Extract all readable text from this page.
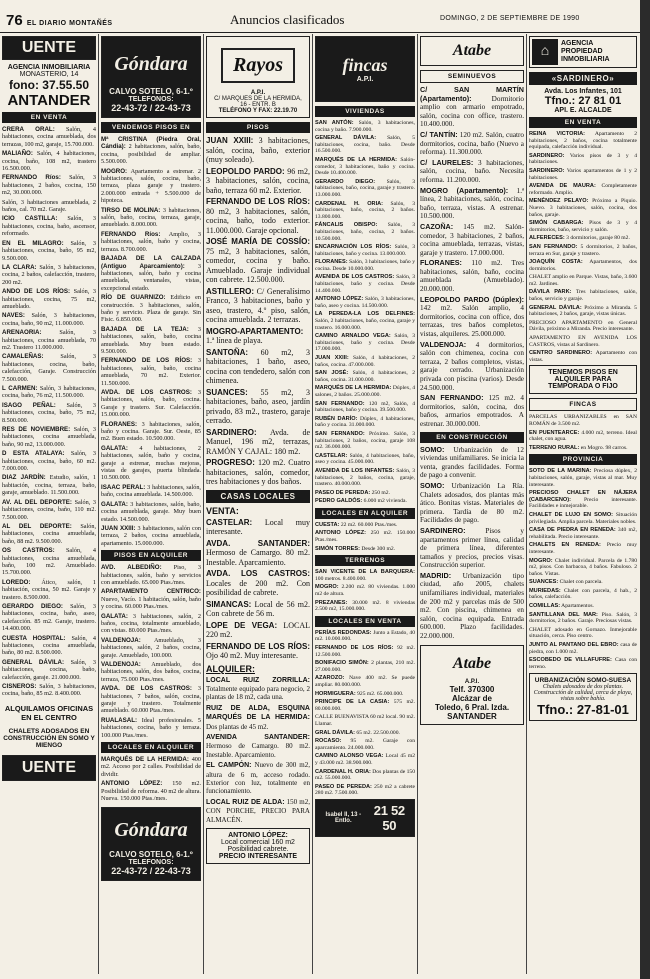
76 EL DIARIO MONTAÑÉS	Anuncios clasificados	DOMINGO, 2 DE SEPTIEMBRE DE 1990
UENTE
AGENCIA INMOBILIARIA
MONASTERIO, 14
fono: 37.55.50
ANTANDER
EN VENTA

CRERA ORAL: Salón, 4 habitaciones, cocina amueblada, dos terrazas, 100 m2, garaje, 15.700.000.

MALIAÑO: Salón, 4 habitaciones, cocina, baño, 108 m2, trastero 16.500.000.

FERNANDO Ríos: Salón, 3 habitaciones, 2 baños, cocina, 150 m2, 30.000.000.

Salón, 3 habitaciones amueblada, 2 baños, cal. 70 m2. Garaje.

ICIO CASTILLA: Salón, 3 habitaciones, cocina, baño, ascensor, reformado.

EN EL MILAGRO: Salón, 3 habitaciones, cocina, baño, 95 m2, 9.500.000.

LA CLARA: Salón, 3 habitaciones, cocina, 2 baños, calefacción, trastero, 200 m2.

ANDO DE LOS RÍOS: Salón, 3 habitaciones, cocina, 75 m2, amueblado.

NAVES: Salón, 3 habitaciones, cocina, baño, 90 m2, 11.000.000.

ARENAORIA: Salón, 3 habitaciones, cocina amueblada, 70 m2. Trastero 11.000.000.

CAMALEÑAS: Salón, 3 habitaciones, cocina, baño, calefacción, Garaje. Construcción 7.500.000.

L CARMEN: Salón, 3 habitaciones, cocina, baño, 76 m2, 11.500.000.

ISAGO PEÑAL: Salón, 3 habitaciones, cocina, baño, 75 m2, 8.500.000.

RES DE NOVIEMBRE: Salón, 3 habitaciones, cocina amueblada, baño, 90 m2, 13.000.000.

D ESTA ATALAYA: Salón, 3 habitaciones, cocina, baño, 60 m2. 7.000.000.

DIAZ JARDÍN: Estudio, salón, 1 habitación, cocina, terraza, baño, garaje, amueblado. 11.500.000.

AV. AL DEL DEPORTE: Salón, 3 habitaciones, cocina, baño, 110 m2. 7.500.000.

AL DEL DEPORTE: Salón, habitaciones, cocina amueblada, baño, 88 m2. 9.500.000.

OS CASTROS: Salón, 4 habitaciones, cocina amueblada, baño, 100 m2. Amueblado. 15.700.000.

LOREDO: Ático, salón, 1 habitación, cocina, 50 m2. Garaje y trastero. 8.500.000.

GERARDO DIEGO: Salón, 3 habitaciones, cocina, baño, aseo, calefacción. 85 m2. Garaje, trastero. 14.400.000.

CUESTA HOSPITAL: Salón, 4 habitaciones, cocina amueblada, baño, 80 m2. 8.500.000.

GENERAL DÁVILA: Salón, 3 habitaciones, cocina, baño, calefacción, garaje. 21.000.000.

CISNEROS: Salón, 3 habitaciones, cocina, baño, 85 m2. 8.400.000.

ALQUILAMOS OFICINAS EN EL CENTRO
CHALETS ADOSADOS EN CONSTRUCCIÓN EN SOMO Y MIENGO
UENTE
Góndara
CALVO SOTELO, 6-1.º
TELEFONOS:
22-43-72 / 22-43-73
VENDEMOS PISOS EN

Mª CRISTINA (Piedra Oral, Cándia): 2 habitaciones, salón, baño, cocina, posibilidad de ampliar. 5.500.000.

MOGRO: Apartamento a estrenar. 2 habitaciones, salón, cocina, baño, terraza, plaza garaje y trastero. 2.000.000 entrada + 5.500.000 de hipoteca.

TIRSO DE MOLINA: 3 habitaciones, salón, baño, cocina, terraza, garaje, amueblado. 8.000.000.

FERNANDO Ríos: Amplio, 3 habitaciones, salón, baño y cocina, terraza. 8.700.000.

BAJADA DE LA CALZADA (Antiguo Aparcamiento): 3 habitaciones, salón, baño y cocina amueblada, ventanales, vistas, excepcional estado.

RÍO DE GUARNIZO: Edificio en construcción. 3 habitaciones, salón, baño y servicio. Plaza de garaje. Sin Fisic. 6.850.000.

BAJADA DE LA TEJA: 3 habitaciones, salón, baño, cocina amueblada. Muy buen estado. 9.500.000.

FERNANDO DE LOS RÍOS: 3 habitaciones, salón, baño, cocina amueblada, 70 m2. Exterior. 11.500.000.

AVDA. DE LOS CASTROS: 3 habitaciones, salón, baño, cocina. Garaje y trastero. Sur. Calefacción. 15.000.000.

FLORANES: 3 habitaciones, salón, baño y cocina. Garaje. Sur. Oeste, 85 m2. Buen estado. 10.500.000.

GALATA: 4 habitaciones, 2 habitaciones, salón, baño y cocina, garaje a estrenar, muchas mejoras, vistas de garajes, puerta blindada. 10.500.000.

ISAAC PERAL: 3 habitaciones, salón, baño, cocina amueblada. 14.500.000.

GALATA: 3 habitaciones, salón, baño, cocina amueblada, garaje. Muy buen estado. 14.500.000.

JUAN XXIII: 3 habitaciones, salón con terraza, 2 baños, cocina amueblada, apartamento. 15.000.000.

PISOS EN ALQUILER

AVD. ALBEDIÑO: Piso, 3 habitaciones, salón, baño y servicios con amueblado. 65.000 Ptas./mes.

APARTAMENTO CENTRICO: Nuevo, Vacío. 1 habitación, salón, baño y cocina. 60.000 Ptas./mes.

GALATA: 3 habitaciones, salón, 2 baños, cocina, totalmente amueblado, con vistas. 80.000 Ptas./mes.

VALDENOJA: Amueblado, 3 habitaciones, salón, 2 baños, cocina, garaje. Amueblado, 100.000.

VALDENOJA: Amueblado, dos habitaciones, salón, dos baños, cocina, terraza, 75.000 Ptas./mes.

AVDA. DE LOS CASTROS: 3 habitaciones, 7 baños, salón, cocina, garaje y trastero. Totalmente amueblado. 60.000 Ptas./mes.

RUALASAL: Ideal profesionales. 5 habitaciones, cocina, baño y terraza. 100.000 Ptas./mes.

LOCALES EN ALQUILER

MARQUÉS DE LA HERMIDA: 400 m2. Acceso por 2 calles. Posibilidad de dividir.

ANTONIO LÓPEZ: 150 m2. Posibilidad de reforma. 40 m2 de altura. Nueva. 150.000 Ptas./mes.

Góndara
CALVO SOTELO, 6-1.º
TELEFONOS:
22-43-72 / 22-43-73
Rayos
A.P.I.
C/ MARQUES DE LA HERMIDA,
16 - ENTR. B
TELÉFONO Y FAX: 22.19.70
PISOS

JUAN XXIII: 3 habitaciones, salón, cocina, baño, exterior (muy soleado).

LEOPOLDO PARDO: 96 m2, 3 habitaciones, salón, cocina, baño, terraza 60 m2. Exterior.

FERNANDO DE LOS RÍOS: 80 m2, 3 habitaciones, salón, cocina, baño, todo exterior. 11.000.000. Garaje opcional.

JOSÉ MARÍA DE COSSÍO: 75 m2, 3 habitaciones, salón, comedor, cocina y baño. Amueblado. Garaje individual con cabrete. 12.500.000.

ASTILLERO: C/ Generalísimo Franco, 3 habitaciones, baño y aseo, trastero, 4.º piso, salón, cocina amueblada. 2 terrazas.

MOGRO-APARTAMENTO: 1.ª línea de playa.

SANTOÑA: 60 m2, 3 habitaciones, 1 baño, aseo, cocina con tendedero, salón con chimenea.

SUANCES: 55 m2, 3 habitaciones, baño, aseo, jardín privado, 83 m2., trastero, garaje cerrado.

SARDINERO: Avda. de Manuel, 196 m2, terrazas, RAMÓN Y CAJAL: 180 m2.

PROGRESO: 120 m2. Cuatro habitaciones, salón, comedor, tres habitaciones y dos baños.

CASAS LOCALES
VENTA:

CASTELAR: Local muy interesante.

AVDA. SANTANDER: Hermoso de Camargo. 80 m2. Inestable. Aparcamiento.

AVDA. LOS CASTROS: Locales de 200 m2. Con posibilidad de cabrete.

SIMANCAS: Local de 56 m2. Con cabrete de 56 m.

LOPE DE VEGA: LOCAL 220 m2.

FERNANDO DE LOS RÍOS: Ojo 40 m2. Muy interesante.

ALQUILER:

LOCAL RUIZ ZORRILLA: Totalmente equipado para negocio, 2 plantas de 18 m2, cada una.

RUIZ DE ALDA, ESQUINA MARQUÉS DE LA HERMIDA: Dos plantas de 45 m2.

AVENIDA SANTANDER: Hermoso de Camargo. 80 m2. Inestable. Aparcamiento.

EL CAMPÓN: Nuevo de 300 m2, altura de 6 m, acceso rodado. Exterior con luz, totalmente en funcionamiento.

LOCAL RUIZ DE ALDA: 150 m2, CON PORCHE, PRECIO PARA ALMACÉN.

ANTONIO LÓPEZ:
Local comercial 160 m2
Posibilidad cabrete.
PRECIO INTERESANTE
fincas
A.P.I.
VIVIENDAS

SAN ANTÓN: Salón, 3 habitaciones, cocina y baño. 7.900.000.

GENERAL DÁVILA: Salón, 5 habitaciones, cocina, baño. Desde 16.500.000.

MARQUÉS DE LA HERMIDA: Salón-comedor, 3 habitaciones, baño y cocina. Desde 10.400.000.

GERARDO DIEGO: Salón, 3 habitaciones, baño, cocina, garaje y trastero. 13.000.000.

CARDENAL H. ORIA: Salón, 3 habitaciones, baño, cocina, 2 baños. 13.800.000.

FÁNCALIS OBISPO: Salón, 3 habitaciones, baño, cocina, 2 baños. 10.500.000.

ENCARNACIÓN LOS RÍOS: Salón, 3 habitaciones, baño y cocina. 13.000.000.

FLORANES: Salón, 3 habitaciones, baño y cocina. Desde 10.000.000.

AVENIDA DE LOS CASTROS: Salón, 3 habitaciones, baño y cocina. Desde 14.400.000.

ANTONIO LÓPEZ: Salón, 3 habitaciones, baño, aseo y cocina. 14.500.000.

LA PEREDA-LA LOS DELFINES: Salón, 2 habitaciones, baño, cocina, garaje y trastero. 16.000.000.

CAMINO ARNALDO VEGA: Salón, 3 habitaciones, baño y cocina. Desde 17.000.000.

JUAN XXIII: Salón, 4 habitaciones, 2 baños, cocina. 47.000.000.

SAN JOSÉ: Salón, 4 habitaciones, 2 baños, cocina. 31.000.000.

MARQUÉS DE LA HERMIDA: Dúplex, 4 salones, 2 baños. 25.000.000.

SAN FERNANDO: 120 m2, Salón, 4 habitaciones, baño y cocina. 39.500.000.

RUBÉN DARÍO: Dúplex, 4 habitaciones, baño y cocina. 31.000.000.

SAN FERNANDO: Próximo. Salón, 3 habitaciones, 2 baños, cocina, garaje 108 m2. 36.000.000.

CASTELAR: Salón, 4 habitaciones, baño, aseo y cocina. 45.000.000.

AVENIDA DE LOS INFANTES: Salón, 3 habitaciones, 2 baños, cocina, garaje, trastero. 40.000.000.

PASEO DE PEREDA: 250 m2.

PEDRO GALDÓS: 6.000 m2 vivienda.

LOCALES EN ALQUILER

CUESTA: 22 m2. 60.000 Ptas./mes.

ANTONIO LÓPEZ: 250 m2. 150.000 Ptas./mes.

SIMÓN TORRES: Desde 300 m2.

TERRENOS

SAN VICENTE DE LA BARQUERA: 100 metros. 8.400.000.

MOGRO: 2.200 m2. 80 viviendas. 1.000 m2 de altura.

PREZANES: 30.000 m2. 8 viviendas 2.500 m2, 15.000.000.

LOCALES EN VENTA

PERÍAS REDONDAS: Junto a Estado, 40 m2. 10.000.000.

FERNANDO DE LOS RÍOS: 92 m2. 12.500.000.

BONIFACIO SIMÓN: 2 plantas, 210 m2. 27.000.000.

AZAROZO: Nave 400 m2. Se puede ampliar. 80.000.000.

HORMIGUERA: 925 m2. 65.000.000.

PRINCIPE DE LA CASIA: 575 m2. 80.000.000.

CALLE BUENAVISTA 60 m2 local. 90 m2. Llamar.

GRAL DÁVILA: 65 m2. 22.500.000.

ROCASO: 95 m2. Garaje con aparcamiento. 24.000.000.

CAMINO ALONSO VEGA: Local 45 m2 y 43.000 m2. 38.900.000.

CARDENAL H. ORIA: Dos plantas de 150 m2. 55.000.000.

PASEO DE PEREDA: 250 m2 a cabrete 280 m2. 7.500.000.

Isabel II, 13 - Entlo.
21 52 50
Atabe
SEMINUEVOS

C/ SAN MARTÍN (Apartamento): Dormitorio amplio con armario empotrado, salón, cocina con office, trastero. 10.400.000.

C/ TANTÍN: 120 m2. Salón, cuatro dormitorios, cocina, baño (Nuevo a reforma). 11.300.000.

C/ LAURELES: 3 habitaciones, salón, cocina, baño. Necesita reforma. 11.200.000.

MOGRO (Apartamento): 1.ª línea, 2 habitaciones, salón, cocina, baño, terraza, vistas. A estrenar. 10.500.000.

CAZOÑA: 145 m2. Salón-comedor, 3 habitaciones, 2 baños, cocina amueblada, terrazas, vistas, garaje y trastero. 17.000.000.

FLORANES: 110 m2. Tres habitaciones, salón, baño, cocina amueblada (Amueblado). 20.000.000.

LEOPOLDO PARDO (Dúplex): 142 m2. Salón amplio, 4 dormitorios, cocina con office, dos terrazas, tres baños completos, vistas, alquileres. 25.000.000.

VALDENOJA: 4 dormitorios, salón con chimenea, cocina con terraza, 2 baños completos, vistas, garaje cerrado. Urbanización privada con piscina (varios). Desde 24.500.000.

SAN FERNANDO: 125 m2. 4 dormitorios, salón, cocina, dos baños, armarios empotrados. A estrenar. 30.000.000.

EN CONSTRUCCIÓN

SOMO: Urbanización de 12 viviendas unifamiliares. Se inicia la venta, grandes facilidades. Forma de pago a convenir.

SOMO: Urbanización La Ría. Chalets adosados, dos plantas más ático. Bonitas vistas. Materiales de primera. Tardía de 80 m2. Facilidades de pago.

SARDINERO: Pisos y apartamentos primer línea, calidad de primera línea, diferentes tamaños y precios, precios visas. Construcción superior.

MADRID: Urbanización tipo ciudad, año 2005, chalets unifamiliares individual, materiales de 200 m2 y parcelas más de 500 m2. Con piscina, chimenea en salón, cocina equipada. Entrada 600.000. Plazo facilidades. 22.000.000.

Atabe
A.P.I.
Telf. 370300
Alcázar de
Toledo, 6 Pral. Izda.
SANTANDER
⌂
AGENCIA
PROPIEDAD
INMOBILIARIA
«SARDINERO»
Avda. Los Infantes, 101
Tfno.: 27 81 01
API. E. ALCALDE
EN VENTA

REINA VICTORIA: Apartamento 2 habitaciones, 2 baños, cocina totalmente equipada, calefacción individual.

SARDINERO: Varios pisos de 3 y 4 habitaciones.

SARDINERO: Varios apartamentos de 1 y 2 habitaciones.

AVENIDA DE MAURA: Completamente reformado. Amplio.

MENÉNDEZ PELAYO: Próximo a Piquio. Nuevo. 3 habitaciones, salón, cocina, dos baños, garaje.

SIMÓN CABARGA: Pisos de 3 y 4 dormitorios, baño, servicio y salón.

ALFERECES: 3 dormitorios, garaje 80 m2.

SAN FERNANDO: 5 dormitorios, 2 baños, terraza en Sur, garaje y trastero.

JOAQUÍN COSTA: Apartamentos, dos dormitorios.

CHALET amplio en Parque. Vistas, baño, 3.600 m2. Jardines.

DÁVILA PARK: Tres habitaciones, salón, baños, servicio y garaje.

GENERAL DÁVILA: Próximo a Miranda. 5 habitaciones, 2 baños, garaje, vistas únicas.

PRECIOSO APARTAMENTO en General Dávila, próximo a Miranda. Precio interesante.

APARTAMENTO EN AVENIDA LOS CASTROS, vistas al Sardinero.

CENTRO SARDINERO: Apartamento con vistas.

TENEMOS PISOS EN ALQUILER PARA TEMPORADA O FIJO
FINCAS

PARCELAS URBANIZABLES en SAN ROMÁN de 3.500 m2.

EN PUENTEARCE: 4.000 m2, terreno. Ideal chalet, con agua.

TERRENO RURAL: en Mogro. 98 carros.

PROVINCIA

SOTO DE LA MARINA: Preciosa dúplex, 2 habitaciones, salón, garaje, vistas al mar. Muy interesante.

PRECIOSO CHALET EN NÁJERA (CABARCENO): Precio interesante. Facilidades e inmejorable.

CHALET DE LUJO EN SOMO: Situación privilegiada. Amplia parcela. Materiales nobles.

CASA DE PIEDRA EN RENEDA: 340 m2, rehabilitada. Precio interesante.

CHALETS EN RENEDA: Precio muy interesante.

MOGRO: Chalet individual. Parcela de 1.780 m2, pisos. Con barbacoa, 4 baños. Fabuloso. 2 baños. Vistas.

SUANCES: Chalet con parcela.

MURIEDAS: Chalet con parcela, 4 hab., 2 baños, calefacción.

COMILLAS: Apartamentos.

SANTILLANA DEL MAR: Piso. Salón, 3 dormitorios, 2 baños. Garaje. Preciosas vistas.

CHALET adosado en Gornazo. Inmejorable situación, cerca. Piso centro.

JUNTO AL PANTANO DEL EBRO: casa de piedra, con 1.000 m2.

ESCOBEDO DE VILLAFUFRE: Casa con terreno.

URBANIZACIÓN SOMO-SUESA
Chalets adosados de dos plantas. Construcción de calidad, cerca de playa, vistas sobre bahía.
Tfno.: 27-81-01
